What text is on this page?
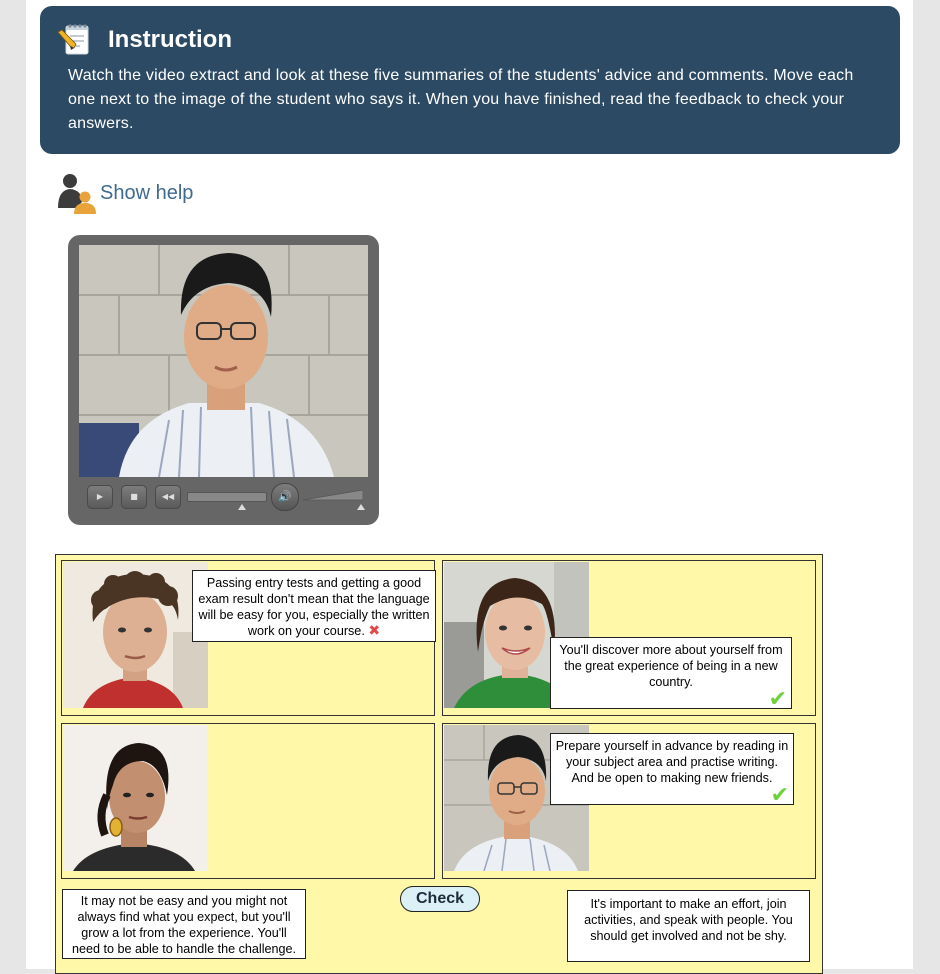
Instruction
Watch the video extract and look at these five summaries of the students' advice and comments. Move each one next to the image of the student who says it. When you have finished, read the feedback to check your answers.
Show help
▶	■	◀◀	🔊
Passing entry tests and getting a good exam result don't mean that the language will be easy for you, especially the written work on your course. ✖
You'll discover more about yourself from the great experience of being in a new country.
✔
Prepare yourself in advance by reading in your subject area and practise writing. And be open to making new friends.
✔
It may not be easy and you might not always find what you expect, but you'll grow a lot from the experience. You'll need to be able to handle the challenge.
Check	It's important to make an effort, join activities, and speak with people. You should get involved and not be shy.
